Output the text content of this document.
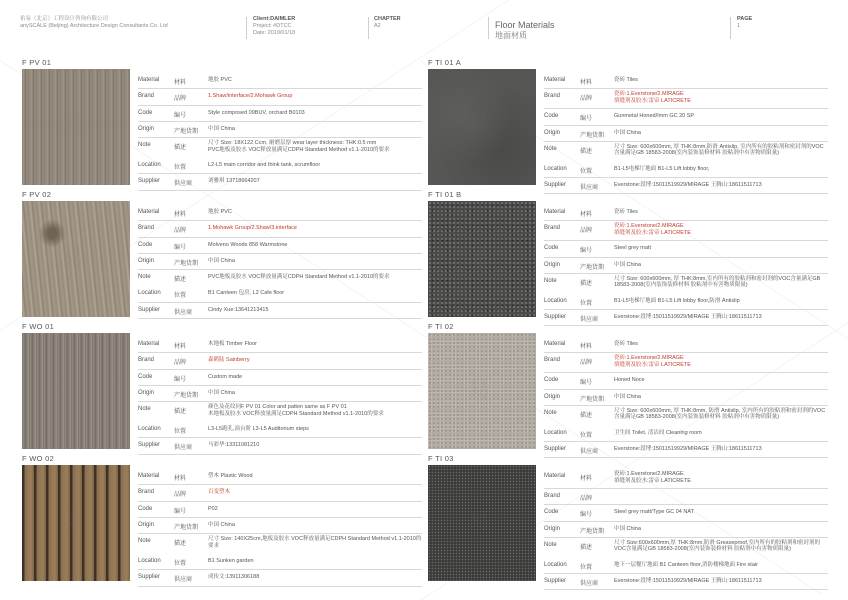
佑易（北京）工程设计咨询有限公司
anySCALE (Beijing) Architecture Design Consultants Co. Ltd
Client:DAIMLER
Project: #DTCC
Date: 2019/01/18
CHAPTER
A2	Floor Materials
地面材质
PAGE
1
F PV 01
易
Material	材料	地胶 PVC
Brand	品牌	1.Shaw/interface/2.Mohawk Group
Code	编号	Style composed 09BUV, orchard B0103
Origin	产地货期	中国 China
Note	描述
尺寸 Size: 18X122 Ccm, 耐磨层厚 wear layer thickness: THK:0.5 mm
PVC地板及胶水 VOC释放量满足CDPH Standard Method v1.1-2010的要求
Location	位置	L2-L5 main corridor and think tank, scrumfloor
Supplier	供应商	刘雅琪 13718664207
F PV 02
易
Material	材料	地胶 PVC
Brand	品牌	1.Mohawk Group/2.Shaw/3.interface
Code	编号	Molveno Woods 858 Warmstone
Origin	产地货期	中国 China
Note	描述	PVC地板及胶水 VOC释放量满足CDPH Standard Method v1.1-2010的要求
Location	位置	B1 Canteen 包房, L2 Cafe floor
Supplier	供应商	Cindy Xue:13641213415
F WO 01
易
Material	材料	木地板 Timber Floor
Brand	品牌	森鹤陆 Sainberry
Code	编号	Custom made
Origin	产地货期	中国 China
Note	描述
颜色及花纹同F PV 01 Color and patten same as F PV 01
木地板及胶水 VOC释放量满足CDPH Standard Method v1.1-2010的要求
Location	位置	L3-L5跑孔,演台阶 L3-L5 Auditorium steps
Supplier	供应商	马彩华:13311081210
F WO 02
易
Material	材料	塑木 Plastic Wood
Brand	品牌	百变塑木
Code	编号	P02
Origin	产地货期	中国 China
Note	描述
尺寸 Size: 140X25cm,地板及胶水 VOC释放量满足CDPH Standard Method v1.1-2010的要求
Location	位置	B1 Sunken garden
Supplier	供应商	成传文:13911306188
F TI 01 A
易
Material	材料	瓷砖 Tiles
Brand	品牌
瓷砖:1.Everstone/2.MIRAGE
填缝剂及胶水:雷帝 LATICRETE
Code	编号	Gunmetal Honed/Imm GC 20 SP
Origin	产地货期	中国 China
Note	描述
尺寸 Size: 600x600mm, 厚 THK:8mm,防滑 Antislip, 室内所有的胶粘剂和密封剂的VOC含量满足GB 18583-2008(室内装饰装修材料 胶粘剂中有害物质限量)
Location	位置	B1-L5电梯厅地面 B1-L5 Lift lobby floor,
Supplier	供应商	Everstone:段博:15011519929/MIRAGE 王腾山:18611511713
F TI 01 B
易
Material	材料	瓷砖 Tiles
Brand	品牌
瓷砖:1.Everstone/2.MIRAGE
填缝剂及胶水:雷帝 LATICRETE
Code	编号	Steel grey matt
Origin	产地货期	中国 China
Note	描述
尺寸 Size: 600x600mm, 厚 THK:8mm,室内所有的胶粘剂和密封剂的VOC含量满足GB 18583-2008(室内装饰装修材料 胶粘剂中有害物质限量)
Location	位置	B1-L5电梯厅地面 B1-L5 Lift lobby floor,防滑 Antislip
Supplier	供应商	Everstone:段博:15011519929/MIRAGE 王腾山:18611511713
F TI 02
易
Material	材料	瓷砖 Tiles
Brand	品牌
瓷砖:1.Everstone/2.MIRAGE
填缝剂及胶水:雷帝 LATICRETE
Code	编号	Honed Noce
Origin	产地货期	中国 China
Note	描述
尺寸 Size: 600x600mm, 厚 THK:8mm, 防滑 Antislip, 室内所有的胶粘剂和密封剂的VOC含量满足GB 18583-2008(室内装饰装修材料 胶粘剂中有害物质限量)
Location	位置	卫生间 Toilet, 清洁间 Cleaning room
Supplier	供应商	Everstone:段博:15011519929/MIRAGE 王腾山:18611511713
F TI 03
易
Material	材料
瓷砖:1.Everstone/2.MIRAGE
填缝剂及胶水:雷帝 LATICRETE
Brand	品牌
Code	编号	Steel grey matt/Type GC 04 NAT
Origin	产地货期	中国 China
Note	描述
尺寸 Size:600x600mm,厚 THK:8mm,防滑 Greaseproof,室内所有的胶粘剂和密封剂的VOC含量满足GB 18583-2008(室内装饰装修材料 胶粘剂中有害物质限量)
Location	位置	地下一层餐厅地面 B1 Canteen floor,消防楼梯地面 Fire stair
Supplier	供应商	Everstone:段博:15011519929/MIRAGE 王腾山:18611511713
